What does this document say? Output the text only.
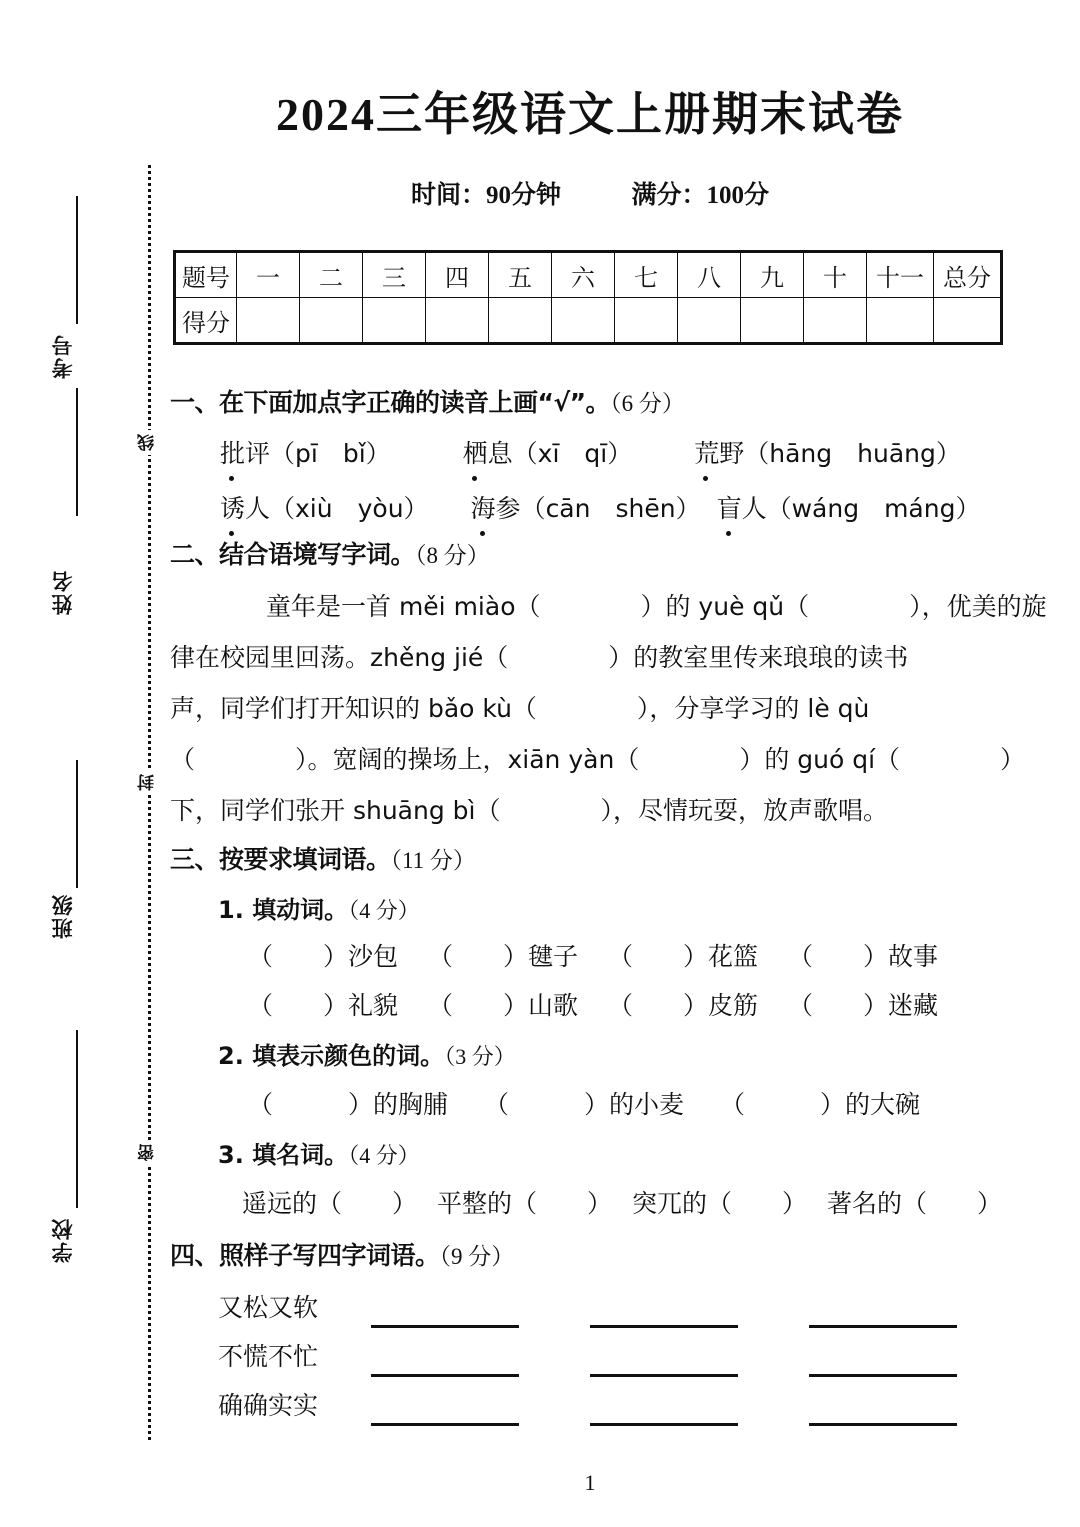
线
封
密
考号
姓名
班级
学校
2024三年级语文上册期末试卷
时间：90分钟	满分：100分
题号	一	二	三	四	五	六	七	八	九	十	十一	总分
得分												
一、在下面加点字正确的读音上画“√”。（6 分）
批评（pī　bǐ）	栖息（xī　qī） 荒野（hāng　huāng）
诱人（xiù　yòu） 海参（cān　shēn） 盲人（wáng　máng）
二、结合语境写字词。（8 分）
童年是一首 měi miào（　　　　）的 yuè qǔ（　　　　），优美的旋
律在校园里回荡。zhěng jié（　　　　）的教室里传来琅琅的读书
声，同学们打开知识的 bǎo kù（　　　　），分享学习的 lè qù
（　　　　）。宽阔的操场上，xiān yàn（　　　　）的 guó qí（　　　　）
下，同学们张开 shuāng bì（　　　　），尽情玩耍，放声歌唱。
三、按要求填词语。（11 分）
1. 填动词。（4 分）
（　　）沙包 （　　）毽子 （　　）花篮 （　　）故事
（　　）礼貌 （　　）山歌 （　　）皮筋 （　　）迷藏
2. 填表示颜色的词。（3 分）
（　　　）的胸脯 （　　　）的小麦 （　　　）的大碗
3. 填名词。（4 分）
遥远的（　　） 平整的（　　） 突兀的（　　） 著名的（　　）
四、照样子写四字词语。（9 分）
又松又软
不慌不忙
确确实实
1
